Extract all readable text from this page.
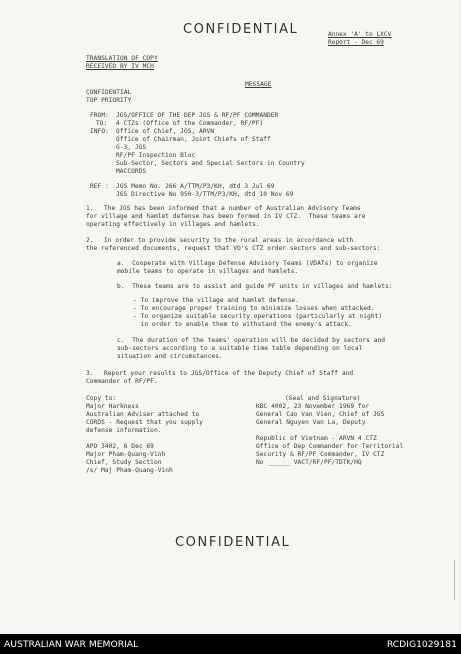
CONFIDENTIAL	Annex 'A' to LXCV
Report - Dec 69
TRANSLATION OF COPY
RECEIVED BY IV MCH
MESSAGE
CONFIDENTIAL
TOP PRIORITY
FROM: JGS/OFFICE OF THE DEP JGS & RF/PF COMMANDER
TO: 4 CTZs (Office of the Commander, RF/PF)
INFO: Office of Chief, JGS, ARVN
Office of Chairman, Joint Chiefs of Staff
G-3, JGS
RF/PF Inspection Bloc
Sub-Sector, Sectors and Special Sectors in Country
MACCORDS
REF : JGS Memo No. 266 A/TTM/P3/KH, dtd 3 Jul 69
JGS Directive No 950-3/TTM/P3/KH, dtd 10 Nov 69
1. The JGS has been informed that a number of Australian Advisory Teams
for village and hamlet defense has been formed in IV CTZ.  These teams are
operating effectively in villages and hamlets.
2. In order to provide security to the rural areas in accordance with
the referenced documents, request that VG's CTZ order sectors and sub-sectors:
a.  Cooperate with Village Defense Advisory Teams (VDATs) to organize
mobile teams to operate in villages and hamlets.
b.  These teams are to assist and guide PF units in villages and hamlets:
- To improve the village and hamlet defense.
- To encourage proper training to minimize losses when attacked.
- To organize suitable security operations (particularly at night)
in order to enable them to withstand the enemy's attack.
c.  The duration of the teams' operation will be decided by sectors and
sub-sectors according to a suitable time table depending on local
situation and circumstances.
3. Report your results to JGS/Office of the Deputy Chief of Staff and
Commander of RF/PF.
Copy to:
Major Harkness
Australian Adviser attached to
CORDS - Request that you supply
defense information.
APO 3402, 6 Dec 69
Major Pham-Quang-Vinh
Chief, Study Section
/s/ Maj Pham-Quang-Vinh
(Seal and Signature)
KBC 4002, 23 November 1969 for
General Cao Van Vien, Chief of JGS
General Nguyen Van La, Deputy
Republic of Vietnam - ARVN 4 CTZ
Office of Dep Commander for Territorial
Security & RF/PF Commander, IV CTZ
No ______ VACT/RF/PF/TDTK/HQ
CONFIDENTIAL
AUSTRALIAN WAR MEMORIAL	RCDIG1029181
